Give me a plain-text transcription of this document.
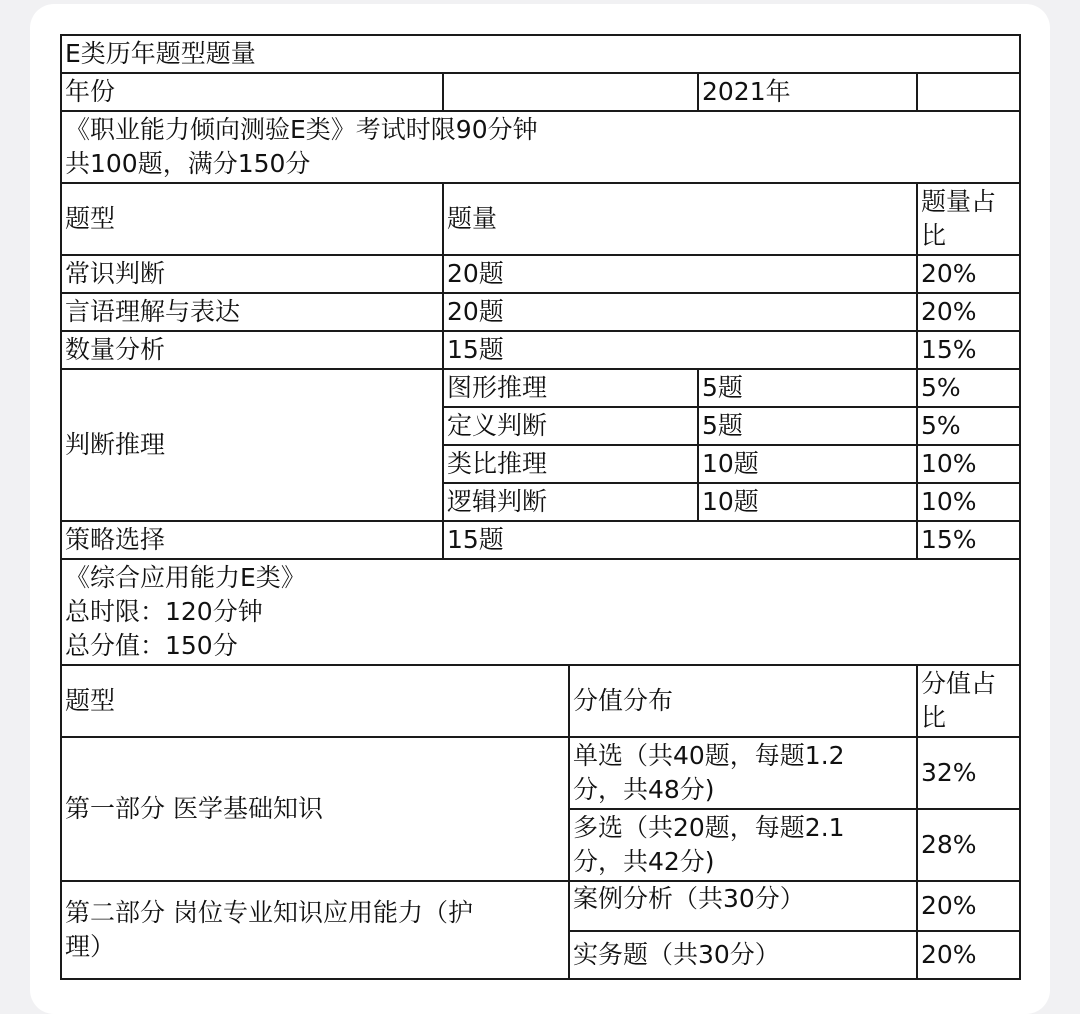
E类历年题型题量				
年份			2021年	
《职业能力倾向测验E类》考试时限90分钟
共100题，满分150分				
题型	题量			题量占
比
常识判断	20题			20%
言语理解与表达	20题			20%
数量分析	15题			15%
判断推理	图形推理		5题	5%
	定义判断		5题	5%
	类比推理		10题	10%
	逻辑判断		10题	10%
策略选择	15题			15%
《综合应用能力E类》
总时限：120分钟
总分值：150分				
题型		分值分布		分值占
比
第一部分 医学基础知识		单选（共40题，每题1.2
分，共48分)		32%
		多选（共20题，每题2.1
分，共42分)		28%
第二部分 岗位专业知识应用能力（护
理）		案例分析（共30分）		20%
		实务题（共30分）		20%
